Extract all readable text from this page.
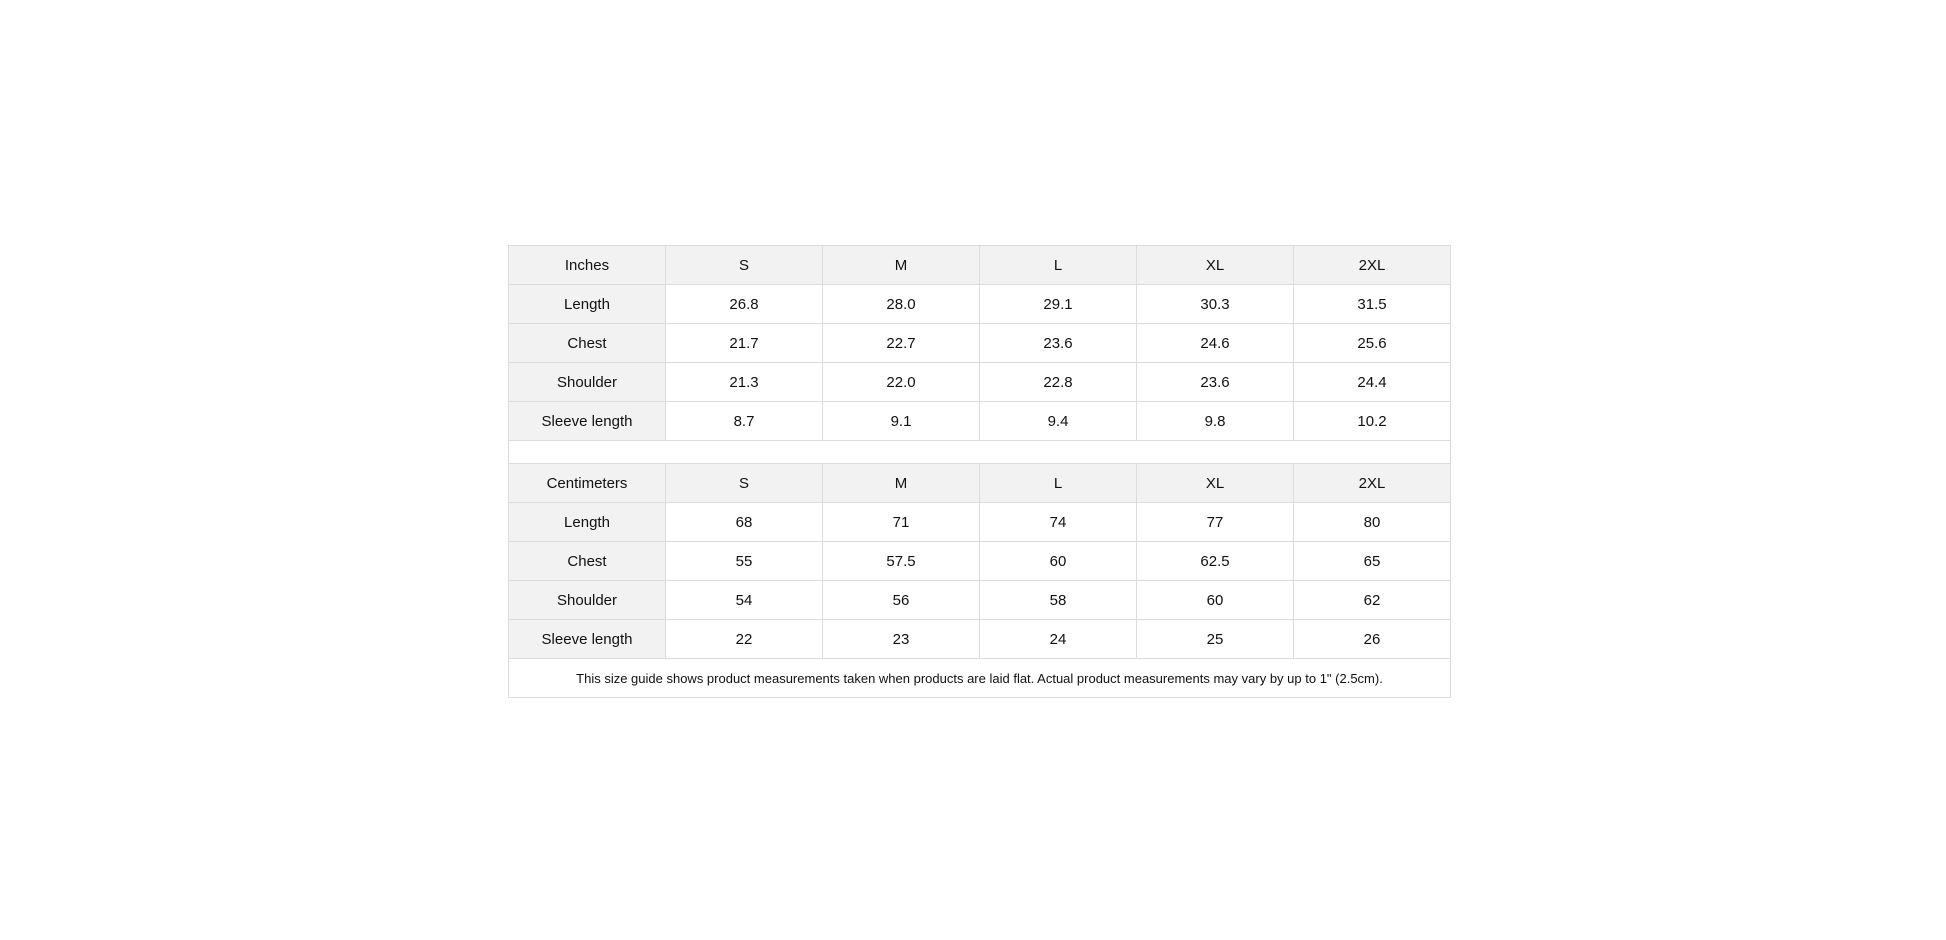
Inches	S	M	L	XL	2XL
Length	26.8	28.0	29.1	30.3	31.5
Chest	21.7	22.7	23.6	24.6	25.6
Shoulder	21.3	22.0	22.8	23.6	24.4
Sleeve length	8.7	9.1	9.4	9.8	10.2

Centimeters	S	M	L	XL	2XL
Length	68	71	74	77	80
Chest	55	57.5	60	62.5	65
Shoulder	54	56	58	60	62
Sleeve length	22	23	24	25	26
This size guide shows product measurements taken when products are laid flat. Actual product measurements may vary by up to 1" (2.5cm).					
